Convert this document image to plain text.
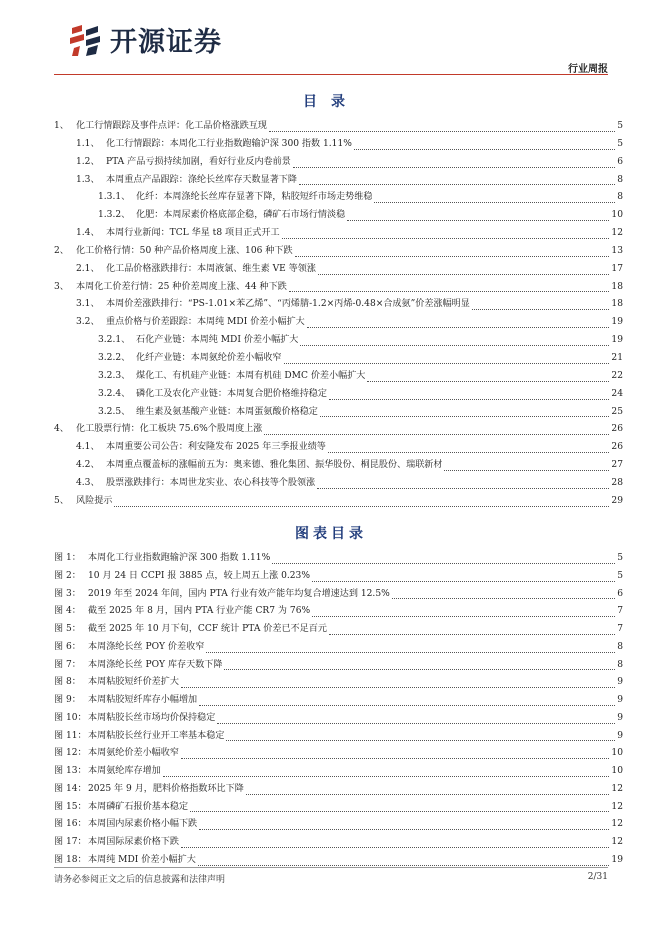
开源证券
行业周报
目录
1、 化工行情跟踪及事件点评：化工品价格涨跌互现	5
1.1、 化工行情跟踪：本周化工行业指数跑输沪深 300 指数 1.11%	5
1.2、 PTA 产品亏损持续加剧，看好行业反内卷前景	6
1.3、 本周重点产品跟踪：涤纶长丝库存天数显著下降	8
1.3.1、 化纤：本周涤纶长丝库存显著下降，粘胶短纤市场走势维稳	8
1.3.2、 化肥：本周尿素价格底部企稳，磷矿石市场行情淡稳	10
1.4、 本周行业新闻：TCL 华星 t8 项目正式开工	12
2、 化工价格行情：50 种产品价格周度上涨、106 种下跌	13
2.1、 化工品价格涨跌排行：本周液氯、维生素 VE 等领涨	17
3、 本周化工价差行情：25 种价差周度上涨、44 种下跌	18
3.1、 本周价差涨跌排行：“PS-1.01×苯乙烯”、“丙烯腈-1.2×丙烯-0.48×合成氨”价差涨幅明显	18
3.2、 重点价格与价差跟踪：本周纯 MDI 价差小幅扩大	19
3.2.1、 石化产业链：本周纯 MDI 价差小幅扩大	19
3.2.2、 化纤产业链：本周氨纶价差小幅收窄	21
3.2.3、 煤化工、有机硅产业链：本周有机硅 DMC 价差小幅扩大	22
3.2.4、 磷化工及农化产业链：本周复合肥价格维持稳定	24
3.2.5、 维生素及氨基酸产业链：本周蛋氨酸价格稳定	25
4、 化工股票行情：化工板块 75.6%个股周度上涨	26
4.1、 本周重要公司公告：利安隆发布 2025 年三季报业绩等	26
4.2、 本周重点覆盖标的涨幅前五为：奥来德、雅化集团、振华股份、桐昆股份、瑞联新材	27
4.3、 股票涨跌排行：本周世龙实业、农心科技等个股领涨	28
5、 风险提示	29
图表目录
图 1： 本周化工行业指数跑输沪深 300 指数 1.11%	5
图 2： 10 月 24 日 CCPI 报 3885 点，较上周五上涨 0.23%	5
图 3： 2019 年至 2024 年间，国内 PTA 行业有效产能年均复合增速达到 12.5%	6
图 4： 截至 2025 年 8 月，国内 PTA 行业产能 CR7 为 76%	7
图 5： 截至 2025 年 10 月下旬，CCF 统计 PTA 价差已不足百元	7
图 6： 本周涤纶长丝 POY 价差收窄	8
图 7： 本周涤纶长丝 POY 库存天数下降	8
图 8： 本周粘胶短纤价差扩大	9
图 9： 本周粘胶短纤库存小幅增加	9
图 10： 本周粘胶长丝市场均价保持稳定	9
图 11： 本周粘胶长丝行业开工率基本稳定	9
图 12： 本周氨纶价差小幅收窄	10
图 13： 本周氨纶库存增加	10
图 14： 2025 年 9 月，肥料价格指数环比下降	12
图 15： 本周磷矿石报价基本稳定	12
图 16： 本周国内尿素价格小幅下跌	12
图 17： 本周国际尿素价格下跌	12
图 18： 本周纯 MDI 价差小幅扩大	19
请务必参阅正文之后的信息披露和法律声明	2/31
